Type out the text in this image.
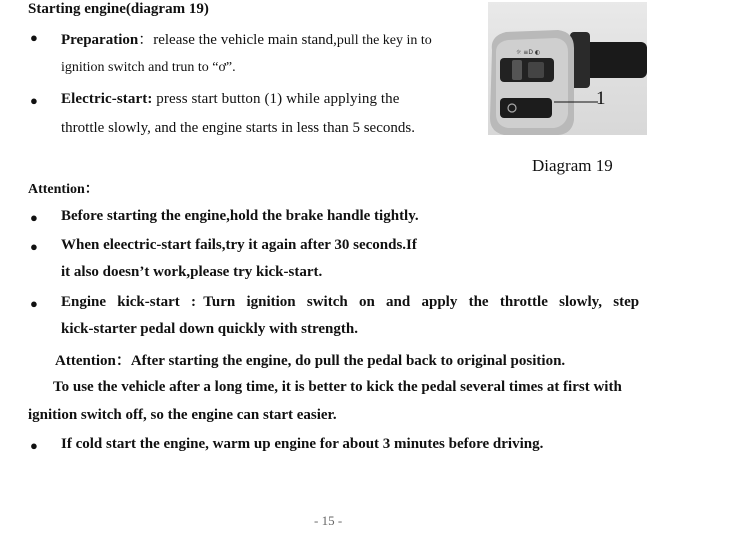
Starting engine(diagram 19)
● Preparation：release the vehicle main stand,pull the key in to
ignition switch and trun to “ơ”.
● Electric-start: press start button (1) while applying the
throttle slowly, and the engine starts in less than 5 seconds.
☼ ≡D ◐
1
Diagram 19
Attention：
● Before starting the engine,hold the brake handle tightly.
● When eleectric-start fails,try it again after 30 seconds.If
it also doesn’t work,please try kick-start.
● Engine   kick-start   :  Turn   ignition   switch   on   and   apply   the   throttle   slowly,   step
kick-starter pedal down quickly with strength.
Attention：After starting the engine, do pull the pedal back to original position.
To use the vehicle after a long time, it is better to kick the pedal several times at first with
ignition switch off, so the engine can start easier.
● If cold start the engine, warm up engine for about 3 minutes before driving.
- 15 -
